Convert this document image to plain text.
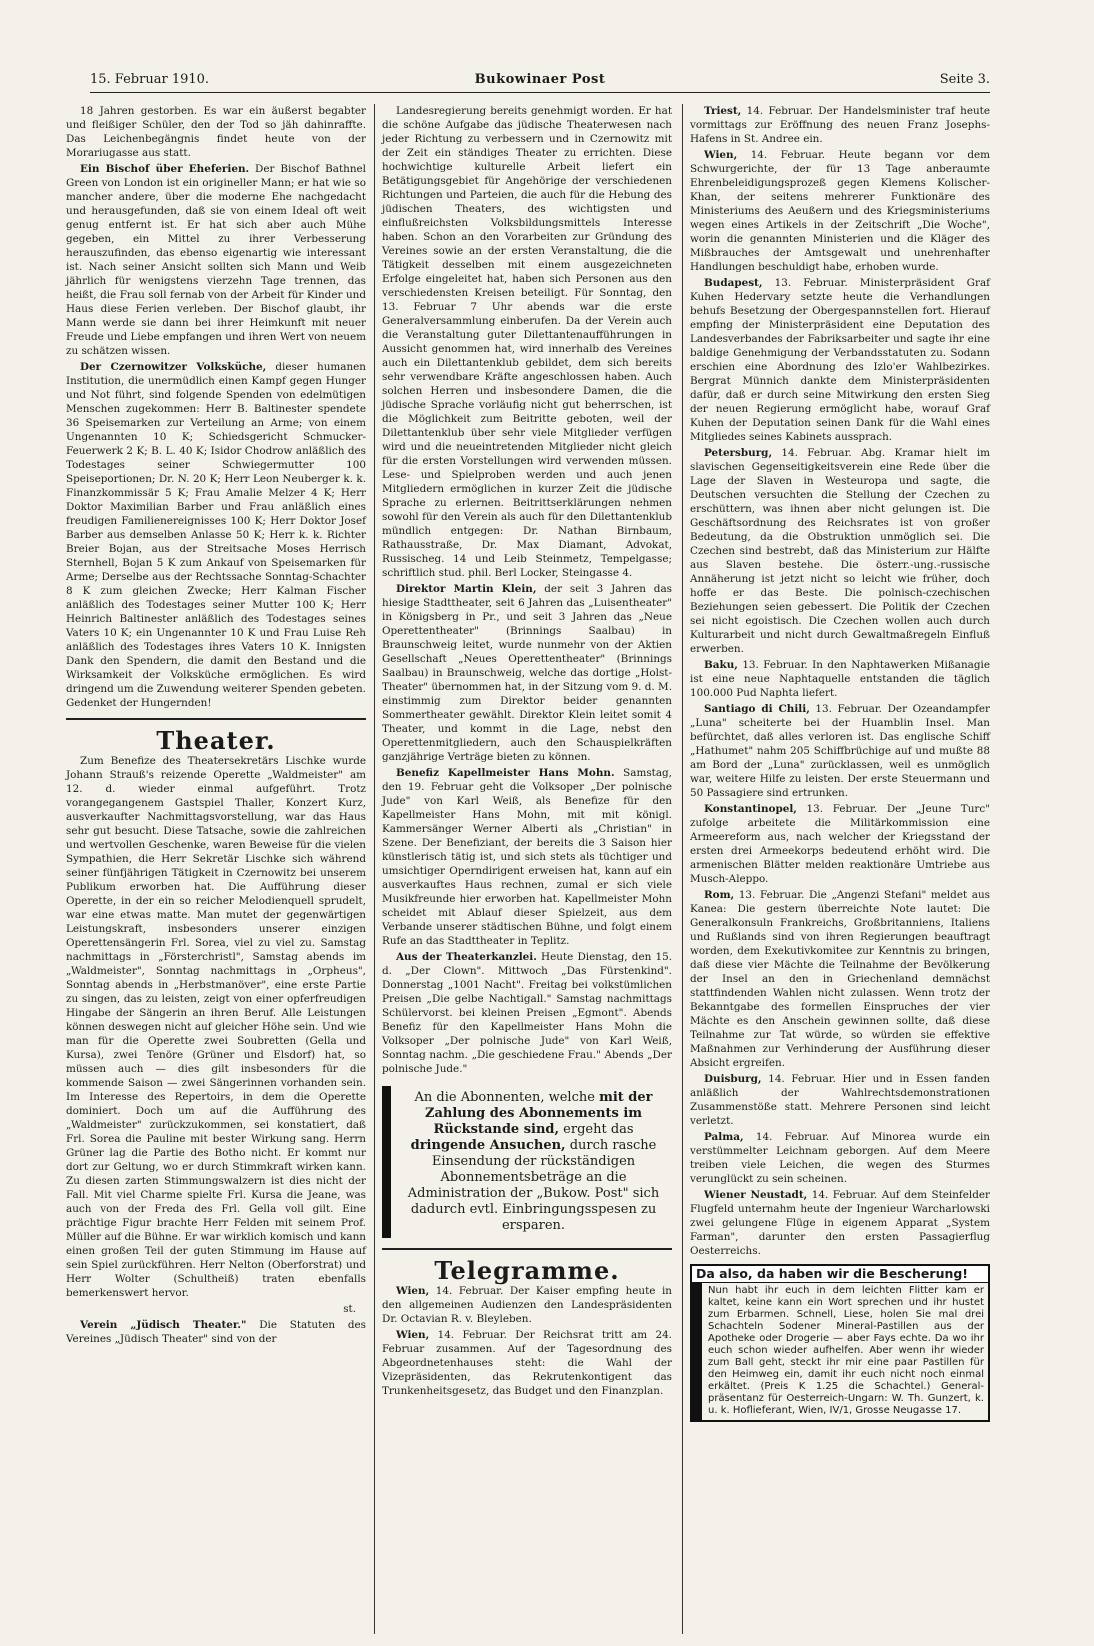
15. Februar 1910.	Bukowinaer Post	Seite 3.

18 Jahren gestorben. Es war ein äußerst begabter und fleißiger Schüler, den der Tod so jäh dahinraffte. Das Leichenbegängnis findet heute von der Morariugasse aus statt.

Ein Bischof über Eheferien. Der Bischof Bathnel Green von London ist ein origineller Mann; er hat wie so mancher andere, über die moderne Ehe nachgedacht und herausgefunden, daß sie von einem Ideal oft weit genug entfernt ist. Er hat sich aber auch Mühe gegeben, ein Mittel zu ihrer Verbesserung herauszufinden, das ebenso eigenartig wie interessant ist. Nach seiner Ansicht sollten sich Mann und Weib jährlich für wenigstens vierzehn Tage trennen, das heißt, die Frau soll fernab von der Arbeit für Kinder und Haus diese Ferien verleben. Der Bischof glaubt, ihr Mann werde sie dann bei ihrer Heimkunft mit neuer Freude und Liebe empfangen und ihren Wert von neuem zu schätzen wissen.

Der Czernowitzer Volksküche, dieser humanen Institution, die unermüdlich einen Kampf gegen Hunger und Not führt, sind folgende Spenden von edelmütigen Menschen zugekommen: Herr B. Baltinester spendete 36 Speisemarken zur Verteilung an Arme; von einem Ungenannten 10 K; Schiedsgericht Schmucker-Feuerwerk 2 K; B. L. 40 K; Isidor Chodrow anläßlich des Todestages seiner Schwiegermutter 100 Speiseportionen; Dr. N. 20 K; Herr Leon Neuberger k. k. Finanzkommissär 5 K; Frau Amalie Melzer 4 K; Herr Doktor Maximilian Barber und Frau anläßlich eines freudigen Familienereignisses 100 K; Herr Doktor Josef Barber aus demselben Anlasse 50 K; Herr k. k. Richter Breier Bojan, aus der Streitsache Moses Herrisch Sternhell, Bojan 5 K zum Ankauf von Speisemarken für Arme; Derselbe aus der Rechtssache Sonntag-Schachter 8 K zum gleichen Zwecke; Herr Kalman Fischer anläßlich des Todestages seiner Mutter 100 K; Herr Heinrich Baltinester anläßlich des Todestages seines Vaters 10 K; ein Ungenannter 10 K und Frau Luise Reh anläßlich des Todestages ihres Vaters 10 K. Innigsten Dank den Spendern, die damit den Bestand und die Wirksamkeit der Volksküche ermöglichen. Es wird dringend um die Zuwendung weiterer Spenden gebeten. Gedenket der Hungernden!

Theater.

Zum Benefize des Theatersekretärs Lischke wurde Johann Strauß's reizende Operette „Waldmeister" am 12. d. wieder einmal aufgeführt. Trotz vorangegangenem Gastspiel Thaller, Konzert Kurz, ausverkaufter Nachmittagsvorstellung, war das Haus sehr gut besucht. Diese Tatsache, sowie die zahlreichen und wertvollen Geschenke, waren Beweise für die vielen Sympathien, die Herr Sekretär Lischke sich während seiner fünfjährigen Tätigkeit in Czernowitz bei unserem Publikum erworben hat. Die Aufführung dieser Operette, in der ein so reicher Melodienquell sprudelt, war eine etwas matte. Man mutet der gegenwärtigen Leistungskraft, insbesonders unserer einzigen Operettensängerin Frl. Sorea, viel zu viel zu. Samstag nachmittags in „Försterchristl", Samstag abends im „Waldmeister", Sonntag nachmittags in „Orpheus", Sonntag abends in „Herbstmanöver", eine erste Partie zu singen, das zu leisten, zeigt von einer opferfreudigen Hingabe der Sängerin an ihren Beruf. Alle Leistungen können deswegen nicht auf gleicher Höhe sein. Und wie man für die Operette zwei Soubretten (Gella und Kursa), zwei Tenöre (Grüner und Elsdorf) hat, so müssen auch — dies gilt insbesonders für die kommende Saison — zwei Sängerinnen vorhanden sein. Im Interesse des Repertoirs, in dem die Operette dominiert. Doch um auf die Aufführung des „Waldmeister" zurückzukommen, sei konstatiert, daß Frl. Sorea die Pauline mit bester Wirkung sang. Herrn Grüner lag die Partie des Botho nicht. Er kommt nur dort zur Geltung, wo er durch Stimmkraft wirken kann. Zu diesen zarten Stimmungswalzern ist dies nicht der Fall. Mit viel Charme spielte Frl. Kursa die Jeane, was auch von der Freda des Frl. Gella voll gilt. Eine prächtige Figur brachte Herr Felden mit seinem Prof. Müller auf die Bühne. Er war wirklich komisch und kann einen großen Teil der guten Stimmung im Hause auf sein Spiel zurückführen. Herr Nelton (Oberforstrat) und Herr Wolter (Schultheiß) traten ebenfalls bemerkenswert hervor.

st.

Verein „Jüdisch Theater." Die Statuten des Vereines „Jüdisch Theater" sind von der

Landesregierung bereits genehmigt worden. Er hat die schöne Aufgabe das jüdische Theaterwesen nach jeder Richtung zu verbessern und in Czernowitz mit der Zeit ein ständiges Theater zu errichten. Diese hochwichtige kulturelle Arbeit liefert ein Betätigungsgebiet für Angehörige der verschiedenen Richtungen und Parteien, die auch für die Hebung des jüdischen Theaters, des wichtigsten und einflußreichsten Volksbildungsmittels Interesse haben. Schon an den Vorarbeiten zur Gründung des Vereines sowie an der ersten Veranstaltung, die die Tätigkeit desselben mit einem ausgezeichneten Erfolge eingeleitet hat, haben sich Personen aus den verschiedensten Kreisen beteiligt. Für Sonntag, den 13. Februar 7 Uhr abends war die erste Generalversammlung einberufen. Da der Verein auch die Veranstaltung guter Dilettantenaufführungen in Aussicht genommen hat, wird innerhalb des Vereines auch ein Dilettantenklub gebildet, dem sich bereits sehr verwendbare Kräfte angeschlossen haben. Auch solchen Herren und insbesondere Damen, die die jüdische Sprache vorläufig nicht gut beherrschen, ist die Möglichkeit zum Beitritte geboten, weil der Dilettantenklub über sehr viele Mitglieder verfügen wird und die neueintretenden Mitglieder nicht gleich für die ersten Vorstellungen wird verwenden müssen. Lese- und Spielproben werden und auch jenen Mitgliedern ermöglichen in kurzer Zeit die jüdische Sprache zu erlernen. Beitrittserklärungen nehmen sowohl für den Verein als auch für den Dilettantenklub mündlich entgegen: Dr. Nathan Birnbaum, Rathausstraße, Dr. Max Diamant, Advokat, Russischeg. 14 und Leib Steinmetz, Tempelgasse; schriftlich stud. phil. Berl Locker, Steingasse 4.

Direktor Martin Klein, der seit 3 Jahren das hiesige Stadttheater, seit 6 Jahren das „Luisentheater" in Königsberg in Pr., und seit 3 Jahren das „Neue Operettentheater" (Brinnings Saalbau) in Braunschweig leitet, wurde nunmehr von der Aktien Gesellschaft „Neues Operettentheater" (Brinnings Saalbau) in Braunschweig, welche das dortige „Holst-Theater" übernommen hat, in der Sitzung vom 9. d. M. einstimmig zum Direktor beider genannten Sommertheater gewählt. Direktor Klein leitet somit 4 Theater, und kommt in die Lage, nebst den Operettenmitgliedern, auch den Schauspielkräften ganzjährige Verträge bieten zu können.

Benefiz Kapellmeister Hans Mohn. Samstag, den 19. Februar geht die Volksoper „Der polnische Jude" von Karl Weiß, als Benefize für den Kapellmeister Hans Mohn, mit mit königl. Kammersänger Werner Alberti als „Christian" in Szene. Der Benefiziant, der bereits die 3 Saison hier künstlerisch tätig ist, und sich stets als tüchtiger und umsichtiger Operndirigent erweisen hat, kann auf ein ausverkauftes Haus rechnen, zumal er sich viele Musikfreunde hier erworben hat. Kapellmeister Mohn scheidet mit Ablauf dieser Spielzeit, aus dem Verbande unserer städtischen Bühne, und folgt einem Rufe an das Stadttheater in Teplitz.

Aus der Theaterkanzlei. Heute Dienstag, den 15. d. „Der Clown". Mittwoch „Das Fürstenkind". Donnerstag „1001 Nacht". Freitag bei volkstümlichen Preisen „Die gelbe Nachtigall." Samstag nachmittags Schülervorst. bei kleinen Preisen „Egmont". Abends Benefiz für den Kapellmeister Hans Mohn die Volksoper „Der polnische Jude" von Karl Weiß, Sonntag nachm. „Die geschiedene Frau." Abends „Der polnische Jude."

An die Abonnenten, welche mit der Zahlung des Abonnements im Rückstande sind, ergeht das dringende Ansuchen, durch rasche Einsendung der rückständigen Abonnementsbeträge an die Administration der „Bukow. Post" sich dadurch evtl. Einbringungsspesen zu ersparen.
Telegramme.

Wien, 14. Februar. Der Kaiser empfing heute in den allgemeinen Audienzen den Landespräsidenten Dr. Octavian R. v. Bleyleben.

Wien, 14. Februar. Der Reichsrat tritt am 24. Februar zusammen. Auf der Tagesordnung des Abgeordnetenhauses steht: die Wahl der Vizepräsidenten, das Rekrutenkontigent das Trunkenheitsgesetz, das Budget und den Finanzplan.

Triest, 14. Februar. Der Handelsminister traf heute vormittags zur Eröffnung des neuen Franz Josephs-Hafens in St. Andree ein.

Wien, 14. Februar. Heute begann vor dem Schwurgerichte, der für 13 Tage anberaumte Ehrenbeleidigungsprozeß gegen Klemens Kolischer-Khan, der seitens mehrerer Funktionäre des Ministeriums des Aeußern und des Kriegsministeriums wegen eines Artikels in der Zeitschrift „Die Woche", worin die genannten Ministerien und die Kläger des Mißbrauches der Amtsgewalt und unehrenhafter Handlungen beschuldigt habe, erhoben wurde.

Budapest, 13. Februar. Ministerpräsident Graf Kuhen Hedervary setzte heute die Verhandlungen behufs Besetzung der Obergespannstellen fort. Hierauf empfing der Ministerpräsident eine Deputation des Landesverbandes der Fabriksarbeiter und sagte ihr eine baldige Genehmigung der Verbandsstatuten zu. Sodann erschien eine Abordnung des Izlo'er Wahlbezirkes. Bergrat Münnich dankte dem Ministerpräsidenten dafür, daß er durch seine Mitwirkung den ersten Sieg der neuen Regierung ermöglicht habe, worauf Graf Kuhen der Deputation seinen Dank für die Wahl eines Mitgliedes seines Kabinets aussprach.

Petersburg, 14. Februar. Abg. Kramar hielt im slavischen Gegenseitigkeitsverein eine Rede über die Lage der Slaven in Westeuropa und sagte, die Deutschen versuchten die Stellung der Czechen zu erschüttern, was ihnen aber nicht gelungen ist. Die Geschäftsordnung des Reichsrates ist von großer Bedeutung, da die Obstruktion unmöglich sei. Die Czechen sind bestrebt, daß das Ministerium zur Hälfte aus Slaven bestehe. Die österr.-ung.-russische Annäherung ist jetzt nicht so leicht wie früher, doch hoffe er das Beste. Die polnisch-czechischen Beziehungen seien gebessert. Die Politik der Czechen sei nicht egoistisch. Die Czechen wollen auch durch Kulturarbeit und nicht durch Gewaltmaßregeln Einfluß erwerben.

Baku, 13. Februar. In den Naphtawerken Mißanagie ist eine neue Naphtaquelle entstanden die täglich 100.000 Pud Naphta liefert.

Santiago di Chili, 13. Februar. Der Ozeandampfer „Luna" scheiterte bei der Huamblin Insel. Man befürchtet, daß alles verloren ist. Das englische Schiff „Hathumet" nahm 205 Schiffbrüchige auf und mußte 88 am Bord der „Luna" zurücklassen, weil es unmöglich war, weitere Hilfe zu leisten. Der erste Steuermann und 50 Passagiere sind ertrunken.

Konstantinopel, 13. Februar. Der „Jeune Turc" zufolge arbeitete die Militärkommission eine Armeereform aus, nach welcher der Kriegsstand der ersten drei Armeekorps bedeutend erhöht wird. Die armenischen Blätter melden reaktionäre Umtriebe aus Musch-Aleppo.

Rom, 13. Februar. Die „Angenzi Stefani" meldet aus Kanea: Die gestern überreichte Note lautet: Die Generalkonsuln Frankreichs, Großbritanniens, Italiens und Rußlands sind von ihren Regierungen beauftragt worden, dem Exekutivkomitee zur Kenntnis zu bringen, daß diese vier Mächte die Teilnahme der Bevölkerung der Insel an den in Griechenland demnächst stattfindenden Wahlen nicht zulassen. Wenn trotz der Bekanntgabe des formellen Einspruches der vier Mächte es den Anschein gewinnen sollte, daß diese Teilnahme zur Tat würde, so würden sie effektive Maßnahmen zur Verhinderung der Ausführung dieser Absicht ergreifen.

Duisburg, 14. Februar. Hier und in Essen fanden anläßlich der Wahlrechtsdemonstrationen Zusammenstöße statt. Mehrere Personen sind leicht verletzt.

Palma, 14. Februar. Auf Minorea wurde ein verstümmelter Leichnam geborgen. Auf dem Meere treiben viele Leichen, die wegen des Sturmes verunglückt zu sein scheinen.

Wiener Neustadt, 14. Februar. Auf dem Steinfelder Flugfeld unternahm heute der Ingenieur Warcharlowski zwei gelungene Flüge in eigenem Apparat „System Farman", darunter den ersten Passagierflug Oesterreichs.

Da also, da haben wir die Bescherung!
Nun habt ihr euch in dem leichten Flitter kam er kaltet, keine kann ein Wort sprechen und ihr hustet zum Erbarmen. Schnell, Liese, holen Sie mal drei Schachteln Sodener Mineral-Pastillen aus der Apotheke oder Drogerie — aber Fays echte. Da wo ihr euch schon wieder aufhelfen. Aber wenn ihr wieder zum Ball geht, steckt ihr mir eine paar Pastillen für den Heimweg ein, damit ihr euch nicht noch einmal erkältet. (Preis K 1.25 die Schachtel.) General-präsentanz für Oesterreich-Ungarn: W. Th. Gunzert, k. u. k. Hoflieferant, Wien, IV/1, Grosse Neugasse 17.
